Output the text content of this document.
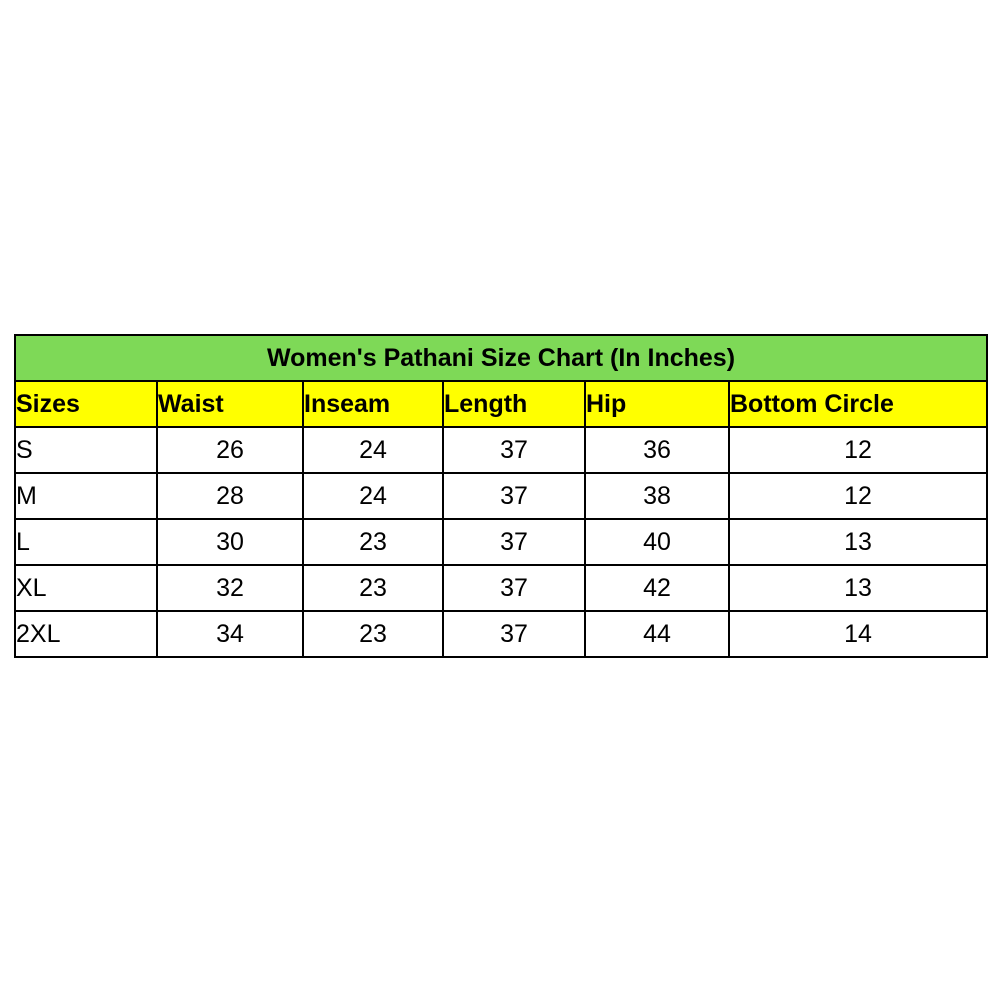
Women's Pathani Size Chart (In Inches)					
Sizes	Waist	Inseam	Length	Hip	Bottom Circle
S	26	24	37	36	12
M	28	24	37	38	12
L	30	23	37	40	13
XL	32	23	37	42	13
2XL	34	23	37	44	14
